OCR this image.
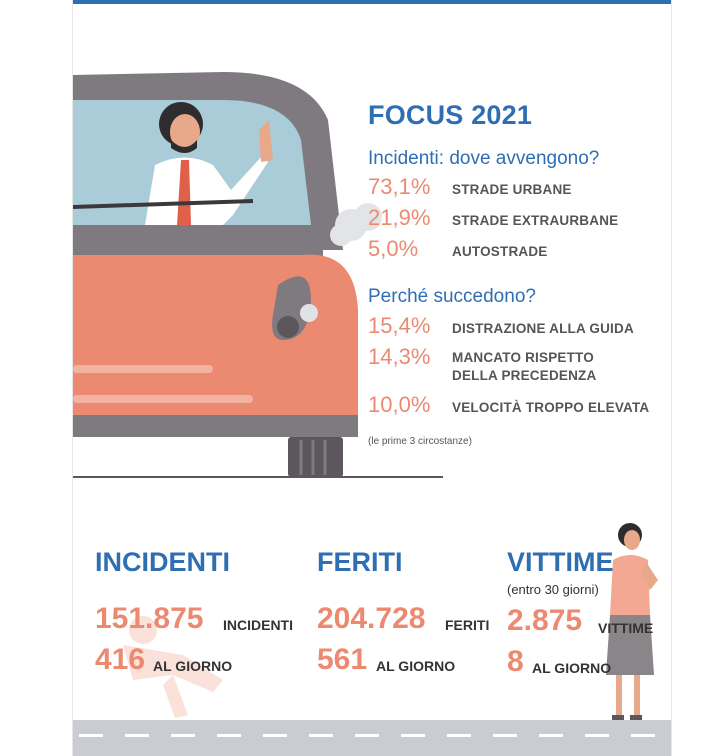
FOCUS 2021
Incidenti: dove avvengono?
73,1%	STRADE URBANE
21,9%	STRADE EXTRAURBANE
5,0%	AUTOSTRADE
Perché succedono?
15,4%	DISTRAZIONE ALLA GUIDA
14,3%	MANCATO RISPETTO
DELLA PRECEDENZA
10,0%	VELOCITÀ TROPPO ELEVATA
(le prime 3 circostanze)
INCIDENTI
151.875 INCIDENTI
416 AL GIORNO
FERITI
204.728 FERITI
561 AL GIORNO
VITTIME
(entro 30 giorni)
2.875 VITTIME
8 AL GIORNO
